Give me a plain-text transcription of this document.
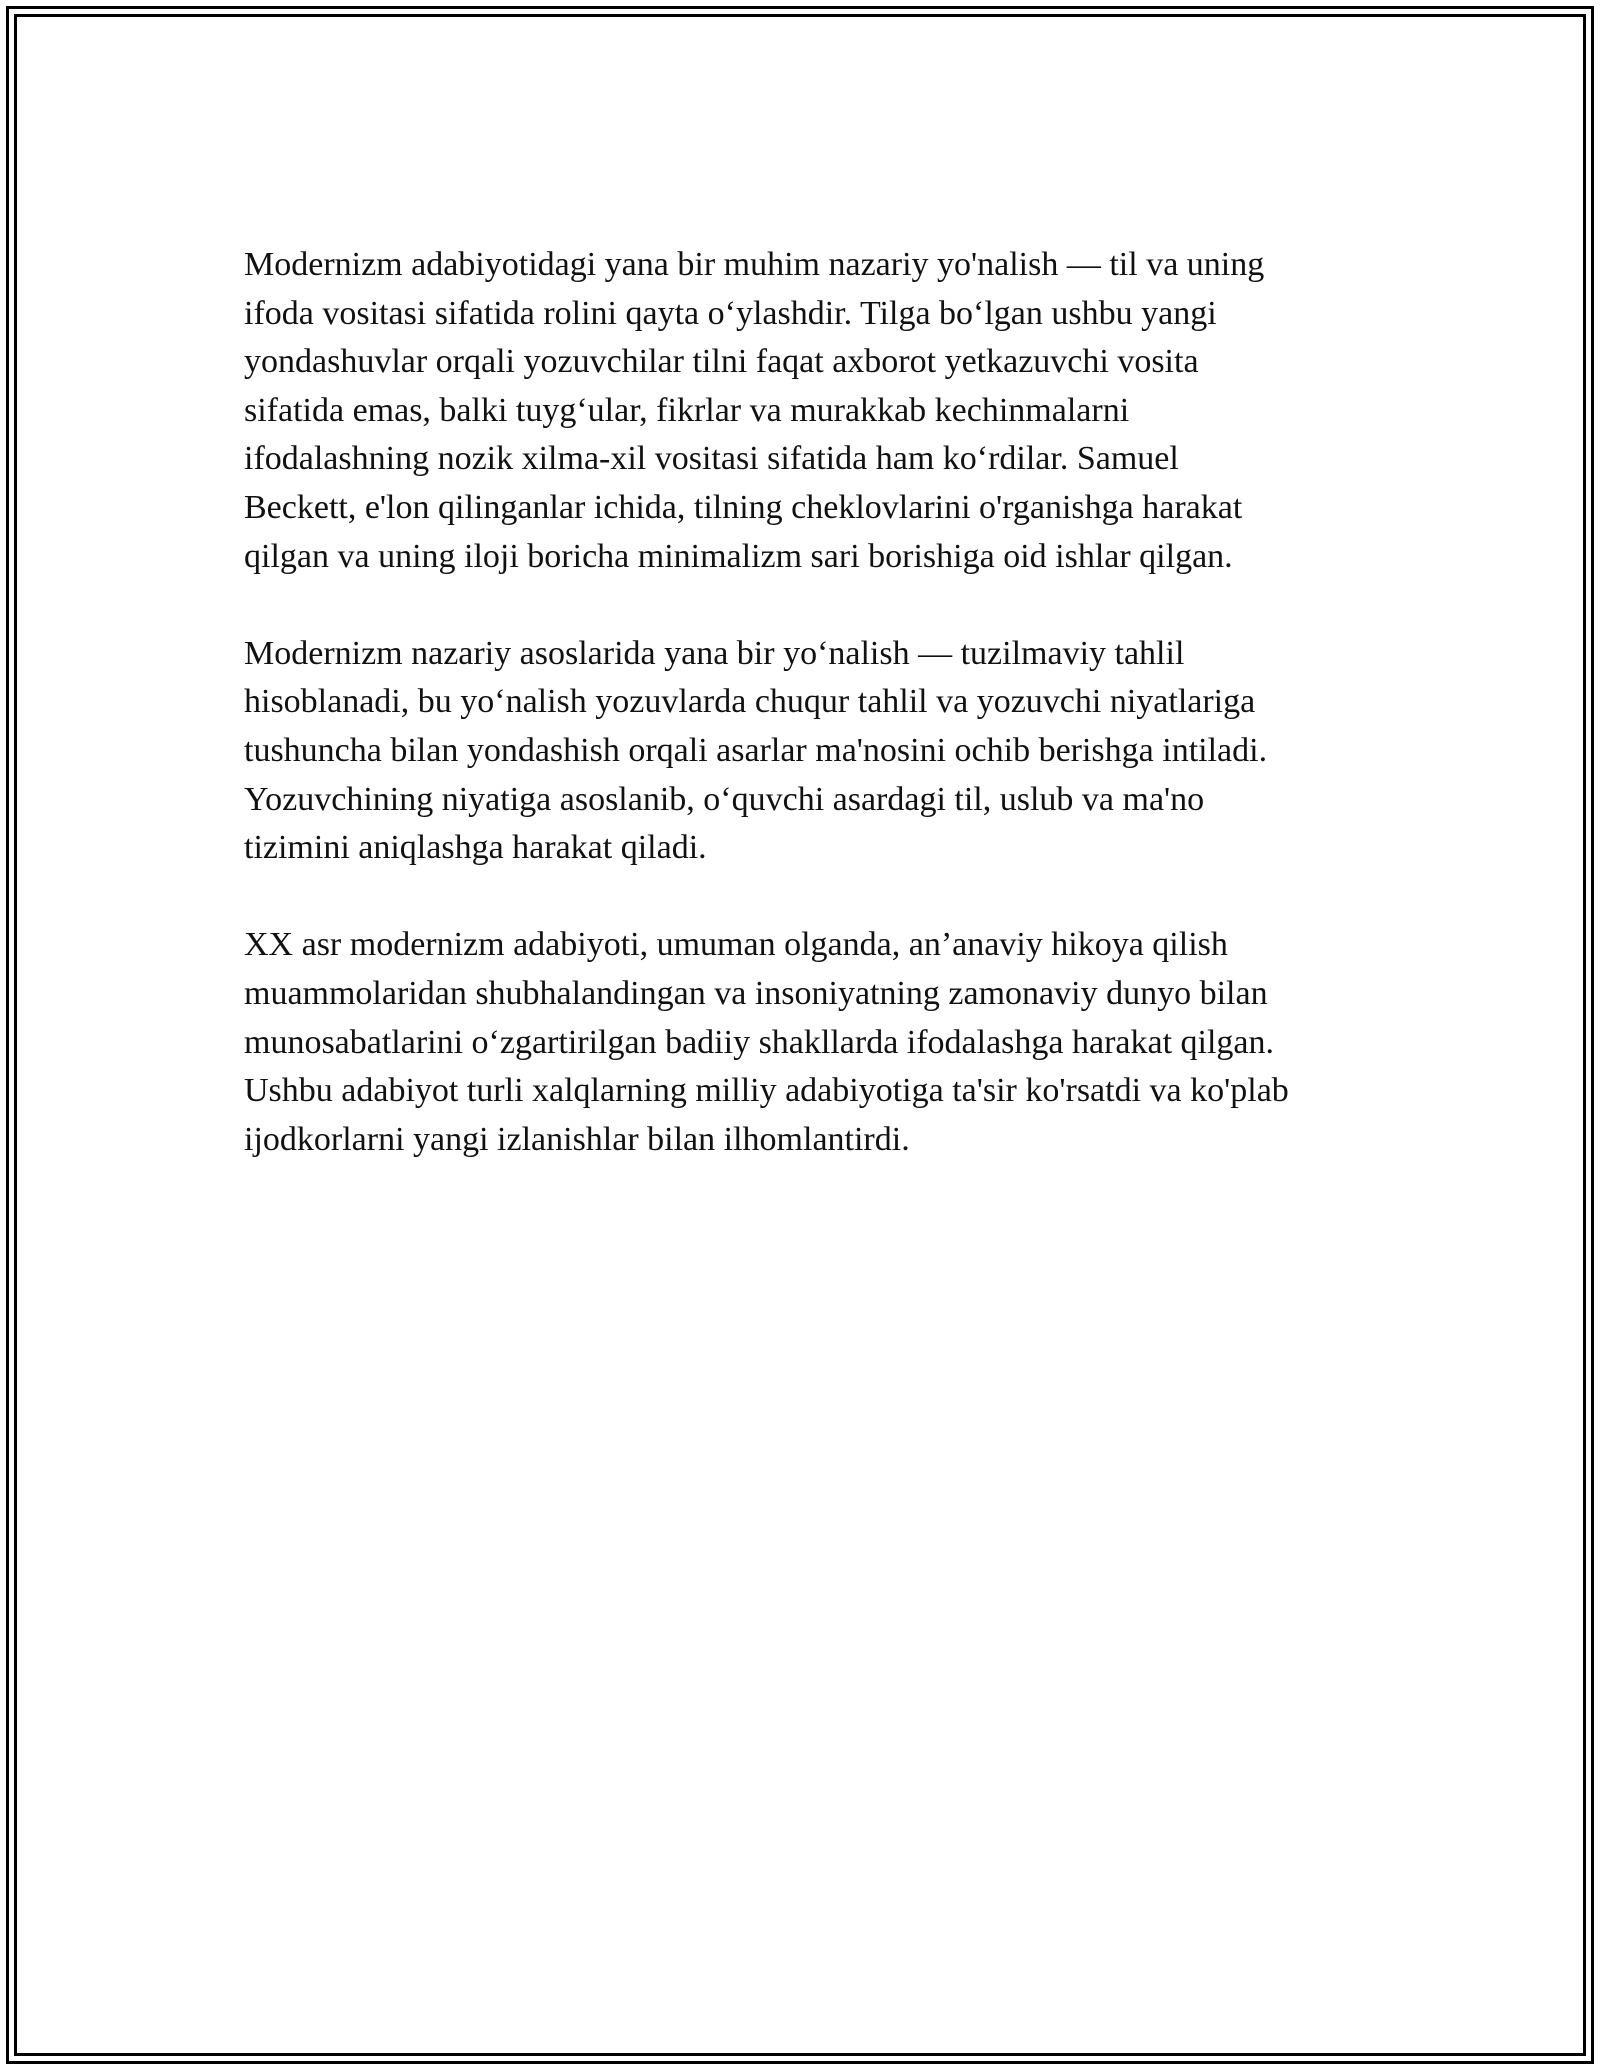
Modernizm adabiyotidagi yana bir muhim nazariy yo'nalish — til va uning
ifoda vositasi sifatida rolini qayta o‘ylashdir. Tilga bo‘lgan ushbu yangi
yondashuvlar orqali yozuvchilar tilni faqat axborot yetkazuvchi vosita
sifatida emas, balki tuyg‘ular, fikrlar va murakkab kechinmalarni
ifodalashning nozik xilma-xil vositasi sifatida ham ko‘rdilar. Samuel
Beckett, e'lon qilinganlar ichida, tilning cheklovlarini o'rganishga harakat
qilgan va uning iloji boricha minimalizm sari borishiga oid ishlar qilgan.

Modernizm nazariy asoslarida yana bir yo‘nalish — tuzilmaviy tahlil
hisoblanadi, bu yo‘nalish yozuvlarda chuqur tahlil va yozuvchi niyatlariga
tushuncha bilan yondashish orqali asarlar ma'nosini ochib berishga intiladi.
Yozuvchining niyatiga asoslanib, o‘quvchi asardagi til, uslub va ma'no
tizimini aniqlashga harakat qiladi.

XX asr modernizm adabiyoti, umuman olganda, an’anaviy hikoya qilish
muammolaridan shubhalandingan va insoniyatning zamonaviy dunyo bilan
munosabatlarini o‘zgartirilgan badiiy shakllarda ifodalashga harakat qilgan.
Ushbu adabiyot turli xalqlarning milliy adabiyotiga ta'sir ko'rsatdi va ko'plab
ijodkorlarni yangi izlanishlar bilan ilhomlantirdi.
